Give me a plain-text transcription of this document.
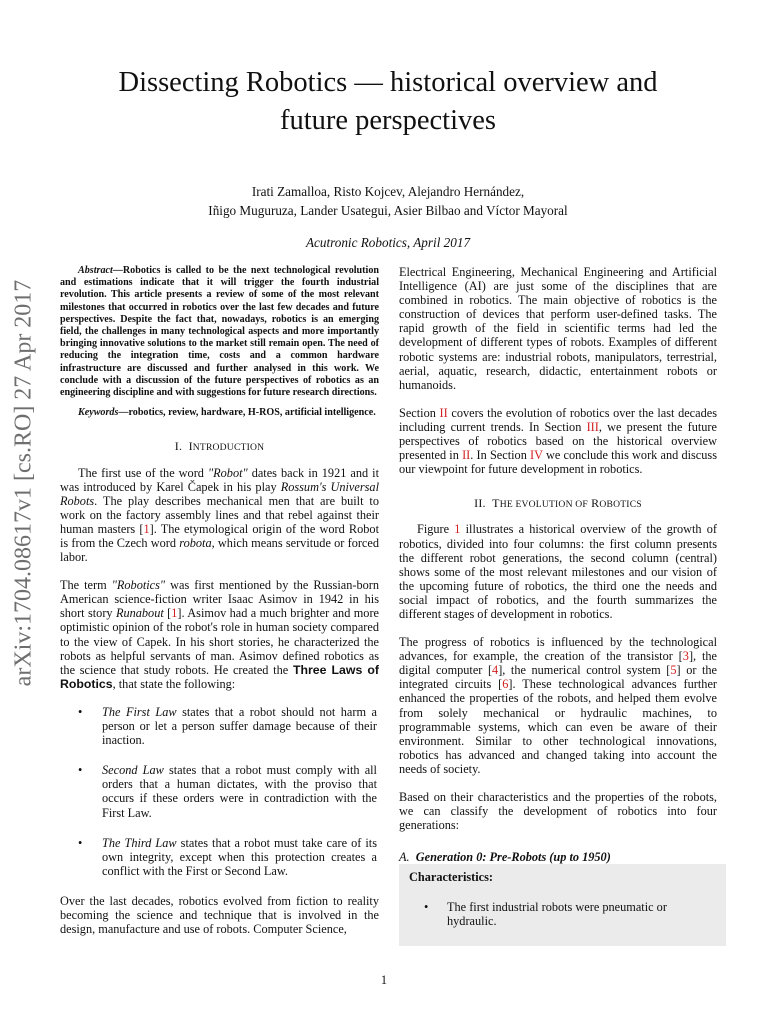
Dissecting Robotics — historical overview and
future perspectives
Irati Zamalloa, Risto Kojcev, Alejandro Hernández,
Iñigo Muguruza, Lander Usategui, Asier Bilbao and Víctor Mayoral
Acutronic Robotics, April 2017
arXiv:1704.08617v1 [cs.RO] 27 Apr 2017

Abstract—Robotics is called to be the next technological revolution and estimations indicate that it will trigger the fourth industrial revolution. This article presents a review of some of the most relevant milestones that occurred in robotics over the last few decades and future perspectives. Despite the fact that, nowadays, robotics is an emerging field, the challenges in many technological aspects and more importantly bringing innovative solutions to the market still remain open. The need of reducing the integration time, costs and a common hardware infrastructure are discussed and further analysed in this work. We conclude with a discussion of the future perspectives of robotics as an engineering discipline and with suggestions for future research directions.

Keywords—robotics, review, hardware, H-ROS, artificial intelligence.

I. INTRODUCTION

The first use of the word "Robot" dates back in 1921 and it was introduced by Karel Čapek in his play Rossum's Universal Robots. The play describes mechanical men that are built to work on the factory assembly lines and that rebel against their human masters [1]. The etymological origin of the word Robot is from the Czech word robota, which means servitude or forced labor.

The term "Robotics" was first mentioned by the Russian-born American science-fiction writer Isaac Asimov in 1942 in his short story Runabout [1]. Asimov had a much brighter and more optimistic opinion of the robot's role in human society compared to the view of Capek. In his short stories, he characterized the robots as helpful servants of man. Asimov defined robotics as the science that study robots. He created the Three Laws of Robotics, that state the following:

• The First Law states that a robot should not harm a person or let a person suffer damage because of their inaction.
• Second Law states that a robot must comply with all orders that a human dictates, with the proviso that occurs if these orders were in contradiction with the First Law.
• The Third Law states that a robot must take care of its own integrity, except when this protection creates a conflict with the First or Second Law.

Over the last decades, robotics evolved from fiction to reality becoming the science and technique that is involved in the design, manufacture and use of robots. Computer Science,

Electrical Engineering, Mechanical Engineering and Artificial Intelligence (AI) are just some of the disciplines that are combined in robotics. The main objective of robotics is the construction of devices that perform user-defined tasks. The rapid growth of the field in scientific terms had led the development of different types of robots. Examples of different robotic systems are: industrial robots, manipulators, terrestrial, aerial, aquatic, research, didactic, entertainment robots or humanoids.

Section II covers the evolution of robotics over the last decades including current trends. In Section III, we present the future perspectives of robotics based on the historical overview presented in II. In Section IV we conclude this work and discuss our viewpoint for future development in robotics.

II. THE EVOLUTION OF ROBOTICS

Figure 1 illustrates a historical overview of the growth of robotics, divided into four columns: the first column presents the different robot generations, the second column (central) shows some of the most relevant milestones and our vision of the upcoming future of robotics, the third one the needs and social impact of robotics, and the fourth summarizes the different stages of development in robotics.

The progress of robotics is influenced by the technological advances, for example, the creation of the transistor [3], the digital computer [4], the numerical control system [5] or the integrated circuits [6]. These technological advances further enhanced the properties of the robots, and helped them evolve from solely mechanical or hydraulic machines, to programmable systems, which can even be aware of their environment. Similar to other technological innovations, robotics has advanced and changed taking into account the needs of society.

Based on their characteristics and the properties of the robots, we can classify the development of robotics into four generations:

A. Generation 0: Pre-Robots (up to 1950)
Characteristics:
• The first industrial robots were pneumatic or hydraulic.
1
